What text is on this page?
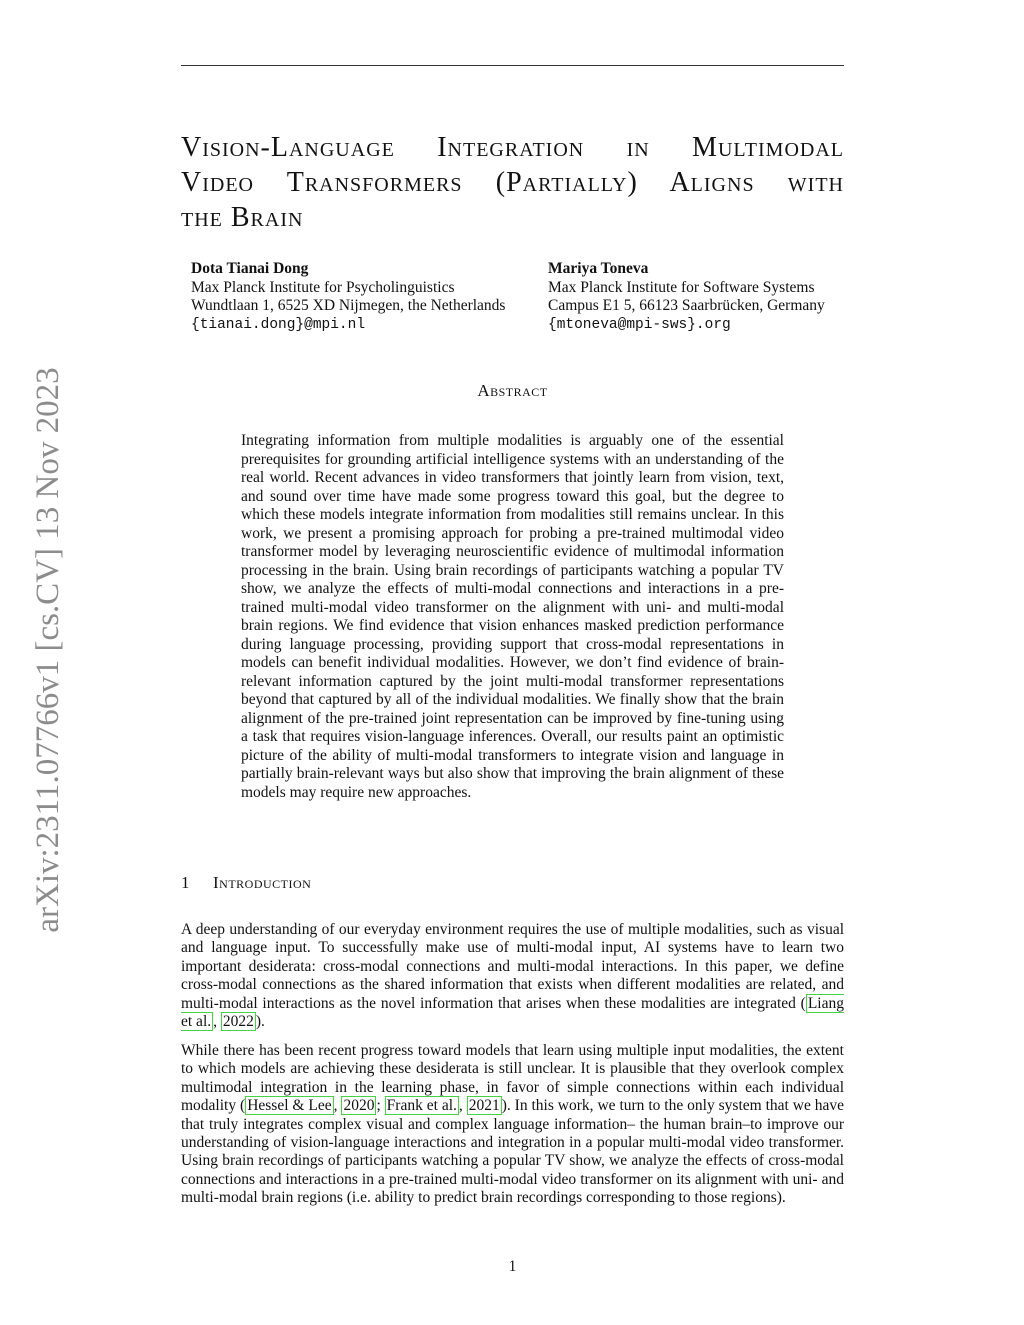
arXiv:2311.07766v1 [cs.CV] 13 Nov 2023
Vision-Language Integration in Multimodal
Video Transformers (Partially) Aligns with
the Brain
Dota Tianai Dong
Max Planck Institute for Psycholinguistics
Wundtlaan 1, 6525 XD Nijmegen, the Netherlands
{tianai.dong}@mpi.nl
Mariya Toneva
Max Planck Institute for Software Systems
Campus E1 5, 66123 Saarbrücken, Germany
{mtoneva@mpi-sws}.org
Abstract

Integrating information from multiple modalities is arguably one of the essential prerequisites for grounding artificial intelligence systems with an understanding of the real world. Recent advances in video transformers that jointly learn from vision, text, and sound over time have made some progress toward this goal, but the degree to which these models integrate information from modalities still remains unclear. In this work, we present a promising approach for probing a pre-trained multimodal video transformer model by leveraging neuroscientific evidence of multimodal information processing in the brain. Using brain recordings of participants watching a popular TV show, we analyze the effects of multi-modal connections and interactions in a pre-trained multi-modal video transformer on the alignment with uni- and multi-modal brain regions. We find evidence that vision enhances masked prediction performance during language processing, providing support that cross-modal representations in models can benefit individual modalities. However, we don’t find evidence of brain-relevant information captured by the joint multi-modal transformer representations beyond that captured by all of the individual modalities. We finally show that the brain alignment of the pre-trained joint representation can be improved by fine-tuning using a task that requires vision-language inferences. Overall, our results paint an optimistic picture of the ability of multi-modal transformers to integrate vision and language in partially brain-relevant ways but also show that improving the brain alignment of these models may require new approaches.

1 Introduction

A deep understanding of our everyday environment requires the use of multiple modalities, such as visual and language input. To successfully make use of multi-modal input, AI systems have to learn two important desiderata: cross-modal connections and multi-modal interactions. In this paper, we define cross-modal connections as the shared information that exists when different modalities are related, and multi-modal interactions as the novel information that arises when these modalities are integrated ( Liang et al. , 2022 ).

While there has been recent progress toward models that learn using multiple input modalities, the extent to which models are achieving these desiderata is still unclear. It is plausible that they overlook complex multimodal integration in the learning phase, in favor of simple connections within each individual modality ( Hessel & Lee , 2020 ; Frank et al. , 2021 ). In this work, we turn to the only system that we have that truly integrates complex visual and complex language information– the human brain–to improve our understanding of vision-language interactions and integration in a popular multi-modal video transformer. Using brain recordings of participants watching a popular TV show, we analyze the effects of cross-modal connections and interactions in a pre-trained multi-modal video transformer on its alignment with uni- and multi-modal brain regions (i.e. ability to predict brain recordings corresponding to those regions).

1
